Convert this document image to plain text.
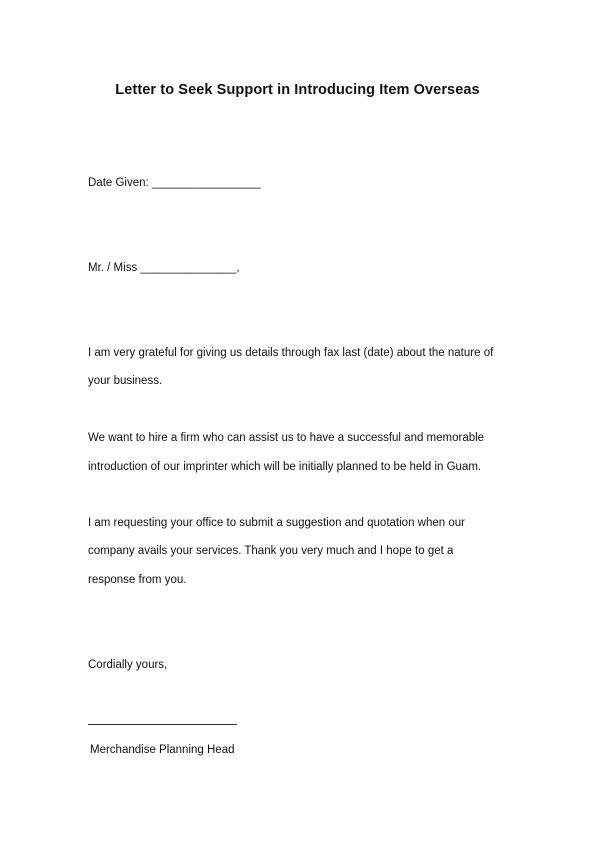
Letter to Seek Support in Introducing Item Overseas
Date Given: _________________
Mr. / Miss _______________,
I am very grateful for giving us details through fax last (date) about the nature of
your business.
We want to hire a firm who can assist us to have a successful and memorable
introduction of our imprinter which will be initially planned to be held in Guam.
I am requesting your office to submit a suggestion and quotation when our
company avails your services. Thank you very much and I hope to get a
response from you.
Cordially yours,
Merchandise Planning Head
